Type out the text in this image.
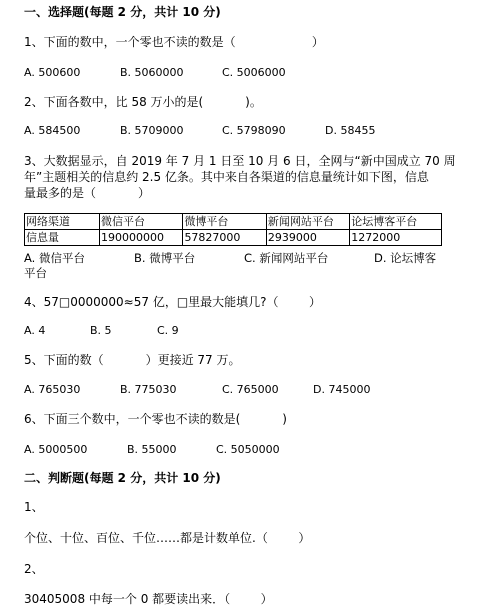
一、选择题(每题 2 分，共计 10 分)
1、下面的数中，一个零也不读的数是（                    ）
A. 500600	B. 5060000	C. 5006000
2、下面各数中，比 58 万小的是(           )。
A. 584500	B. 5709000	C. 5798090	D. 58455
3、大数据显示，自 2019 年 7 月 1 日至 10 月 6 日，全网与“新中国成立 70 周
年”主题相关的信息约 2.5 亿条。其中来自各渠道的信息量统计如下图，信息
量最多的是（           ）
网络渠道	微信平台	微博平台	新闻网站平台	论坛博客平台
信息量	190000000	57827000	2939000	1272000
A. 微信平台	B. 微博平台	C. 新闻网站平台	D. 论坛博客
平台
4、57□0000000≈57 亿，□里最大能填几?（        ）
A. 4	B. 5	C. 9
5、下面的数（           ）更接近 77 万。
A. 765030	B. 775030	C. 765000	D. 745000
6、下面三个数中，一个零也不读的数是(           )
A. 5000500	B. 55000	C. 5050000
二、判断题(每题 2 分，共计 10 分)
1、
个位、十位、百位、千位……都是计数单位.（        ）
2、
30405008 中每一个 0 都要读出来．（        ）
